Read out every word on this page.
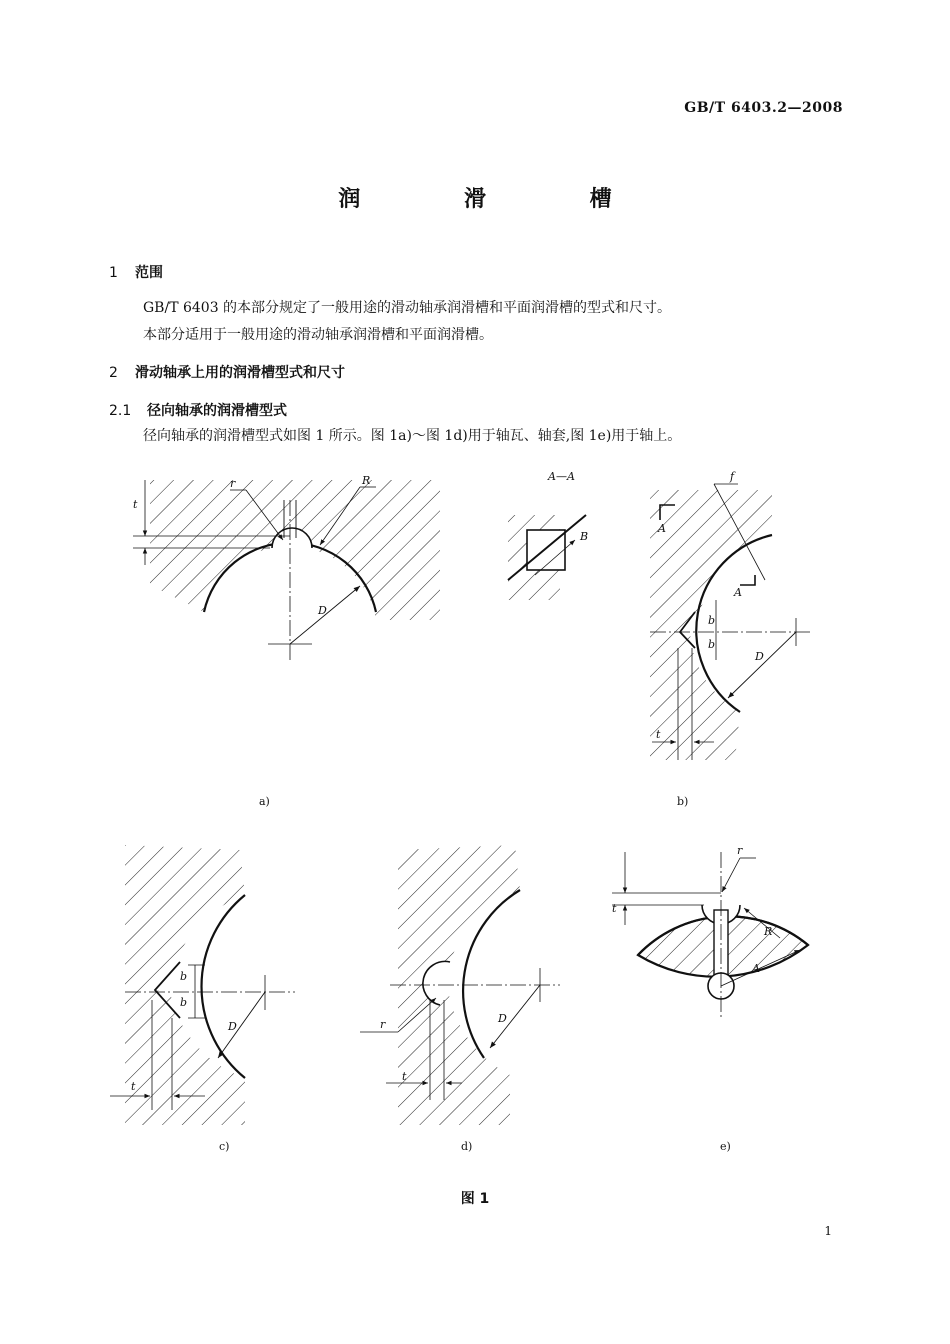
GB/T 6403.2—2008
润 滑 槽
1 范围
GB/T 6403 的本部分规定了一般用途的滑动轴承润滑槽和平面润滑槽的型式和尺寸。
本部分适用于一般用途的滑动轴承润滑槽和平面润滑槽。
2 滑动轴承上用的润滑槽型式和尺寸
2.1 径向轴承的润滑槽型式
径向轴承的润滑槽型式如图 1 所示。图 1a)～图 1d)用于轴瓦、轴套,图 1e)用于轴上。
t
r	R
D
A—A
B
f
A
A
b
b
D
t
b
b
D
t
r	D
t
t
r
R
A
a)	b)
c)	d)	e)
图 1
1
